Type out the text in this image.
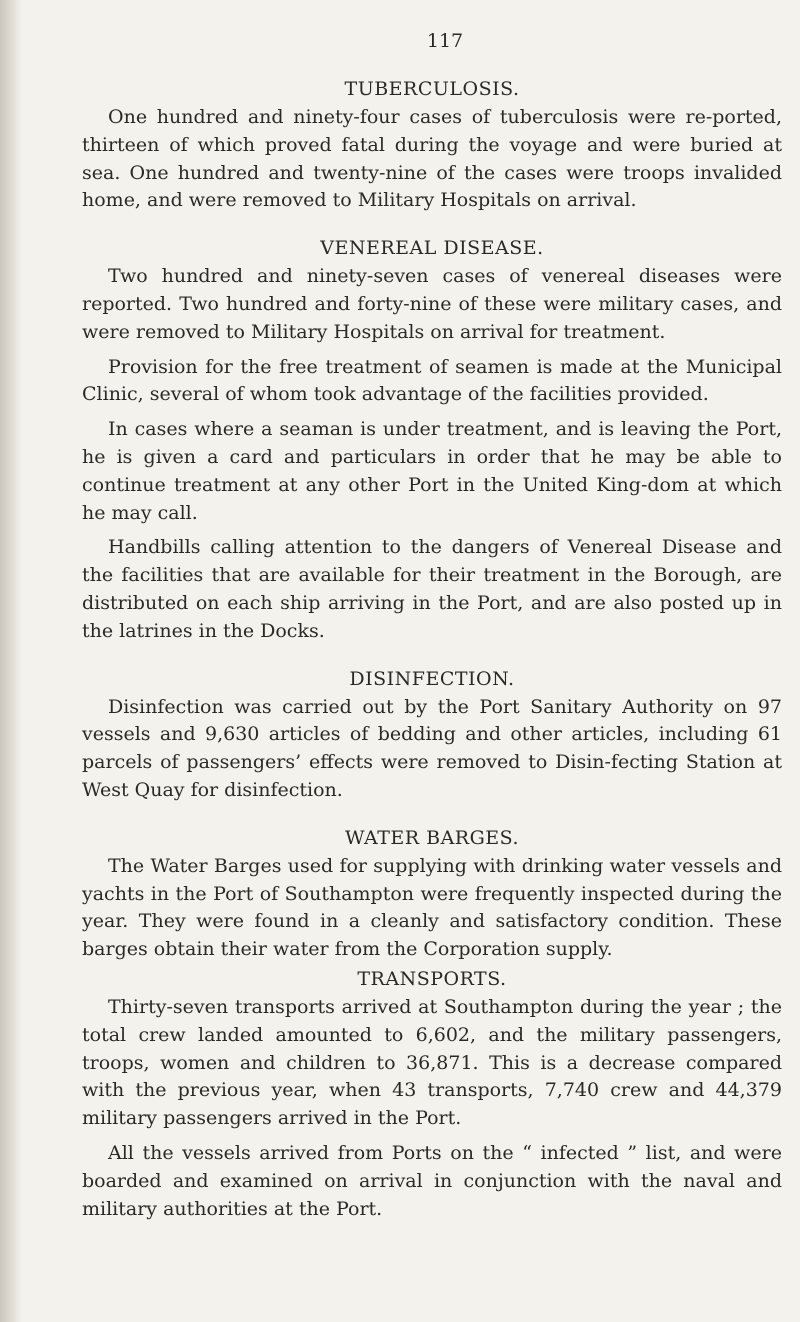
117
TUBERCULOSIS.

One hundred and ninety-four cases of tuberculosis were re-ported, thirteen of which proved fatal during the voyage and were buried at sea. One hundred and twenty-nine of the cases were troops invalided home, and were removed to Military Hospitals on arrival.

VENEREAL DISEASE.

Two hundred and ninety-seven cases of venereal diseases were reported. Two hundred and forty-nine of these were military cases, and were removed to Military Hospitals on arrival for treatment.

Provision for the free treatment of seamen is made at the Municipal Clinic, several of whom took advantage of the facilities provided.

In cases where a seaman is under treatment, and is leaving the Port, he is given a card and particulars in order that he may be able to continue treatment at any other Port in the United King-dom at which he may call.

Handbills calling attention to the dangers of Venereal Disease and the facilities that are available for their treatment in the Borough, are distributed on each ship arriving in the Port, and are also posted up in the latrines in the Docks.

DISINFECTION.

Disinfection was carried out by the Port Sanitary Authority on 97 vessels and 9,630 articles of bedding and other articles, including 61 parcels of passengers’ effects were removed to Disin-fecting Station at West Quay for disinfection.

WATER BARGES.

The Water Barges used for supplying with drinking water vessels and yachts in the Port of Southampton were frequently inspected during the year. They were found in a cleanly and satisfactory condition. These barges obtain their water from the Corporation supply.

TRANSPORTS.

Thirty-seven transports arrived at Southampton during the year ; the total crew landed amounted to 6,602, and the military passengers, troops, women and children to 36,871. This is a decrease compared with the previous year, when 43 transports, 7,740 crew and 44,379 military passengers arrived in the Port.

All the vessels arrived from Ports on the “ infected ” list, and were boarded and examined on arrival in conjunction with the naval and military authorities at the Port.
